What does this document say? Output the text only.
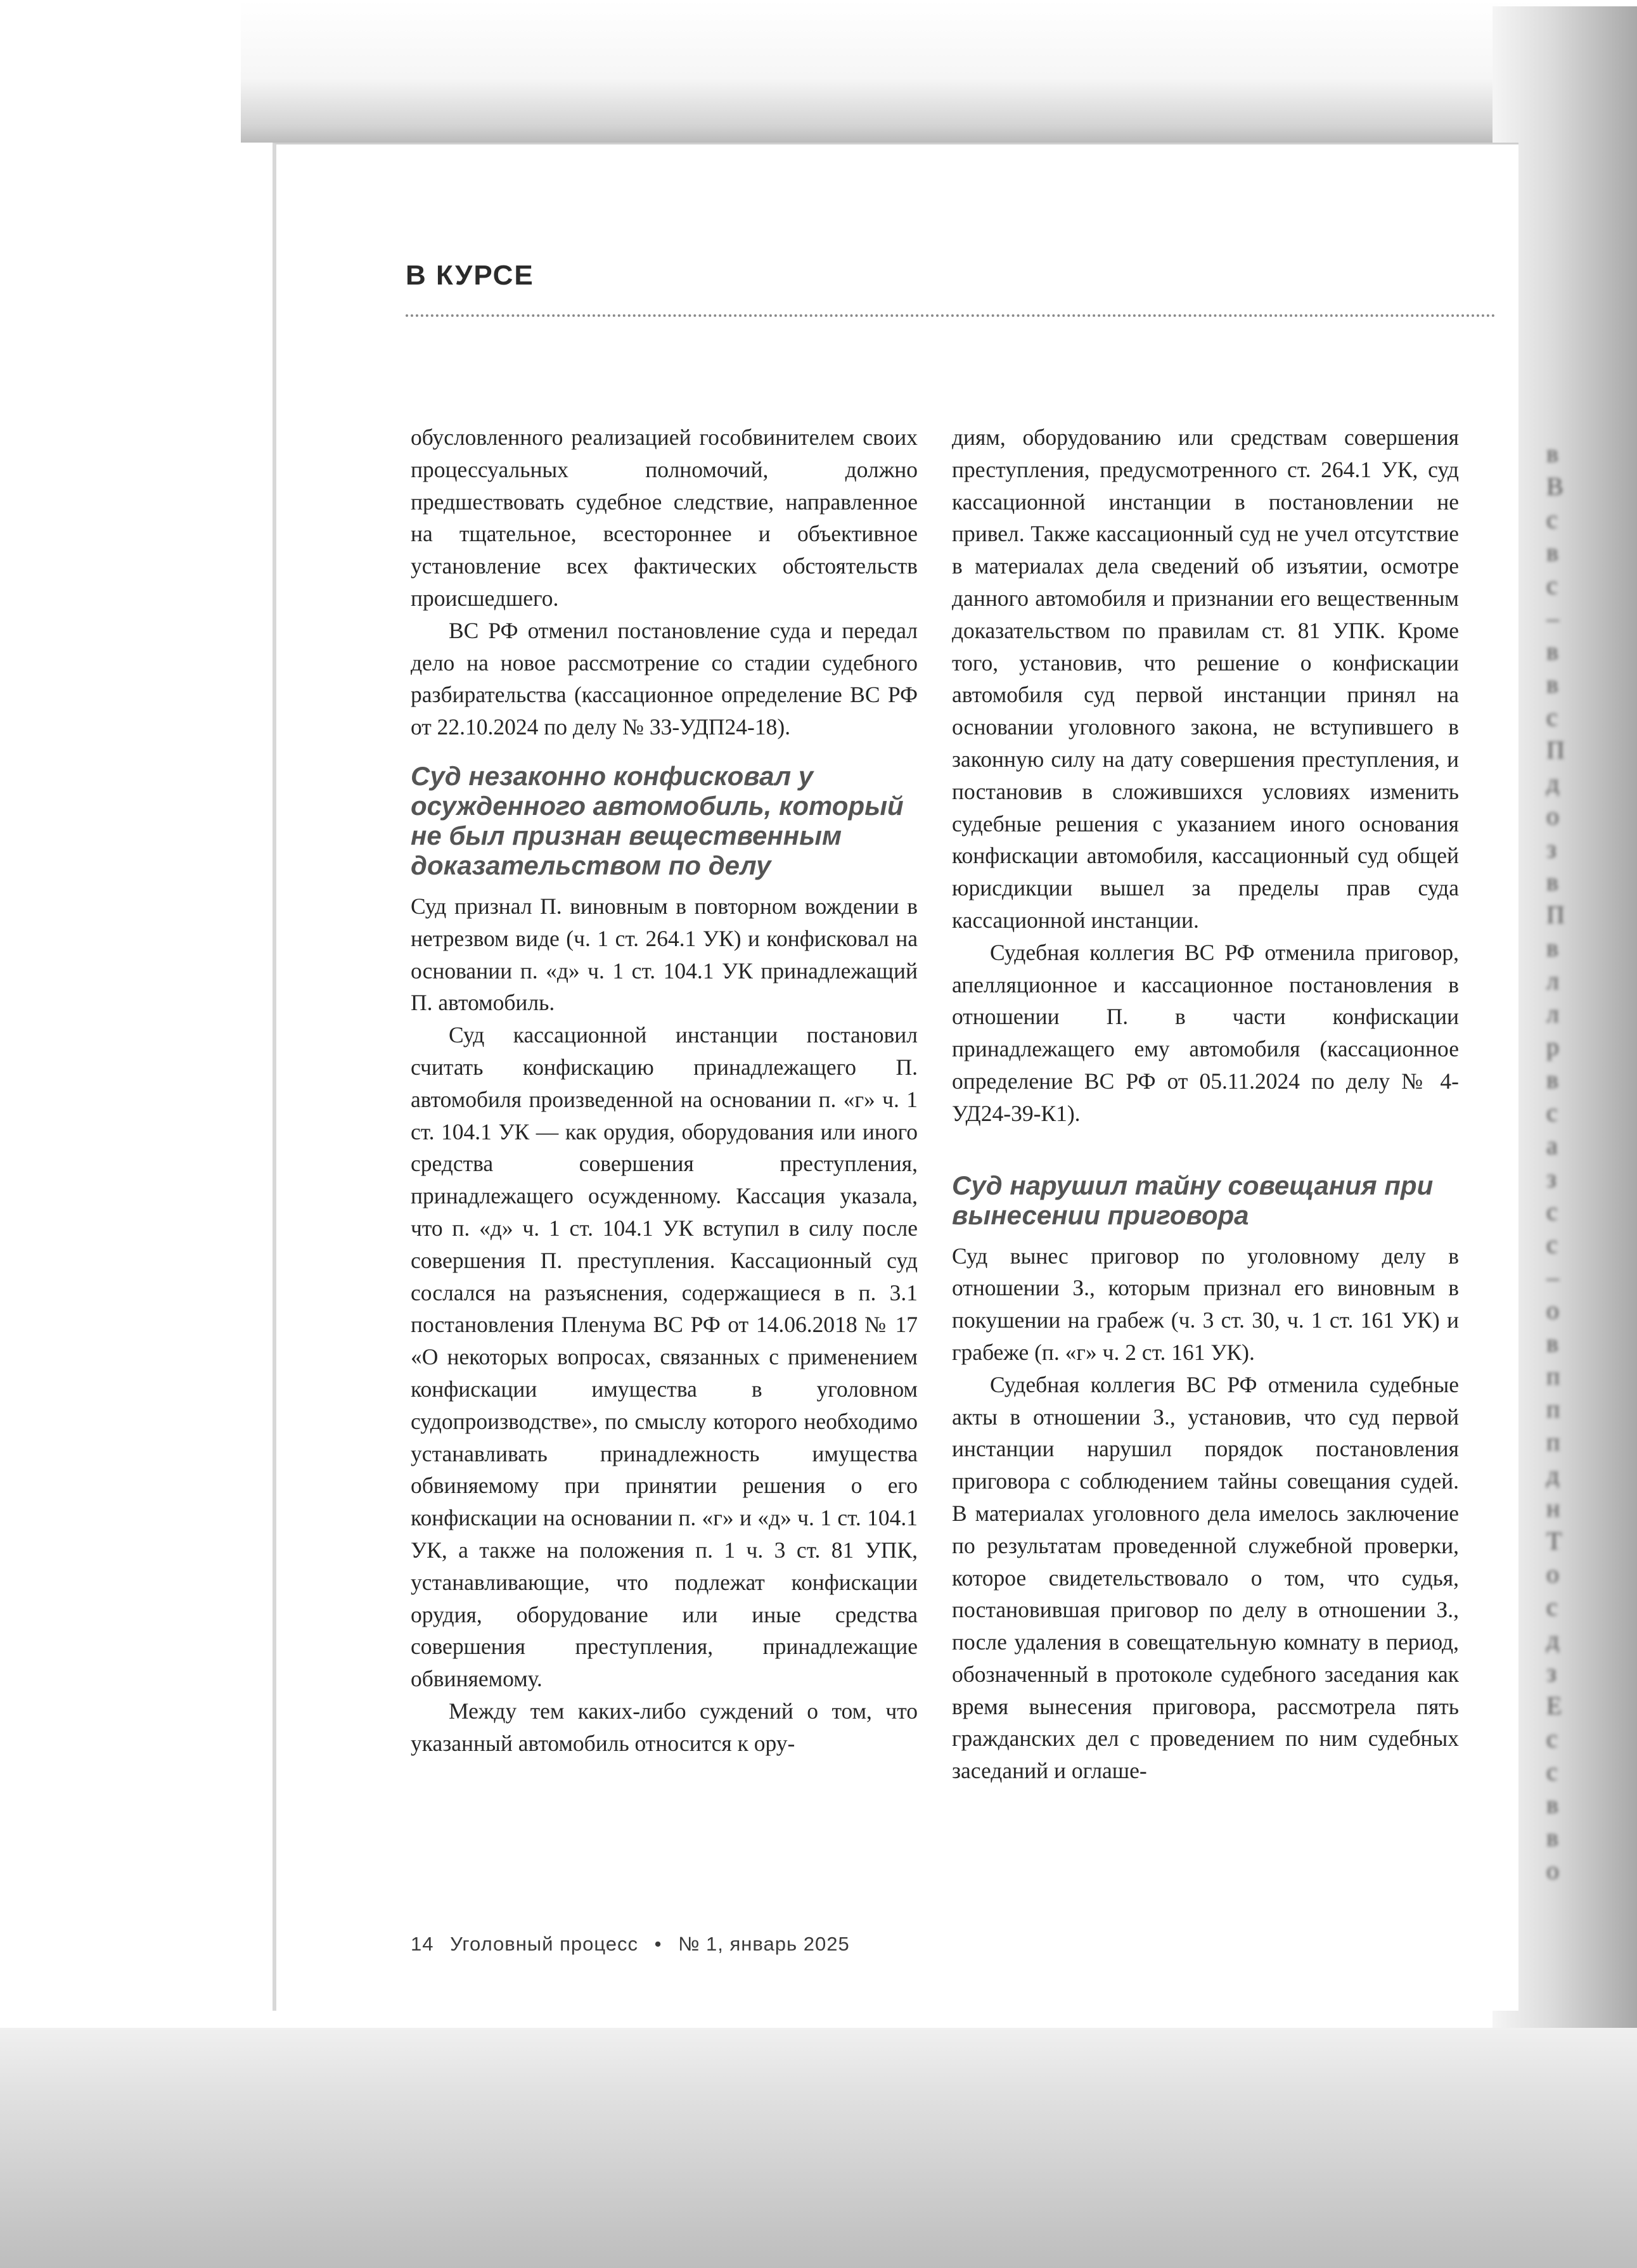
в
В
с
в
с
–
в
в
с
П
д
о
з
в
П
в
л
л
р
в
с
а
з
с
с
–
о
в
п
п
п
д
н
Т
о
с
д
з
Е
с
с
в
в
о
В КУРСЕ

обусловленного реализацией гособвинителем своих процессуальных полномочий, должно предшествовать судебное следствие, направленное на тщательное, всестороннее и объективное установление всех фактических обстоятельств происшедшего.

ВС РФ отменил постановление суда и передал дело на новое рассмотрение со стадии судебного разбирательства (кассационное определение ВС РФ от 22.10.2024 по делу № 33-УДП24-18).

Суд незаконно конфисковал у осужденного автомобиль, который не был признан вещественным доказательством по делу

Суд признал П. виновным в повторном вождении в нетрезвом виде (ч. 1 ст. 264.1 УК) и конфисковал на основании п. «д» ч. 1 ст. 104.1 УК принадлежащий П. автомобиль.

Суд кассационной инстанции постановил считать конфискацию принадлежащего П. автомобиля произведенной на основании п. «г» ч. 1 ст. 104.1 УК — как орудия, оборудования или иного средства совершения преступления, принадлежащего осужденному. Кассация указала, что п. «д» ч. 1 ст. 104.1 УК вступил в силу после совершения П. преступления. Кассационный суд сослался на разъяснения, содержащиеся в п. 3.1 постановления Пленума ВС РФ от 14.06.2018 № 17 «О некоторых вопросах, связанных с применением конфискации имущества в уголовном судопроизводстве», по смыслу которого необходимо устанавливать принадлежность имущества обвиняемому при принятии решения о его конфискации на основании п. «г» и «д» ч. 1 ст. 104.1 УК, а также на положения п. 1 ч. 3 ст. 81 УПК, устанавливающие, что подлежат конфискации орудия, оборудование или иные средства совершения преступления, принадлежащие обвиняемому.

Между тем каких-либо суждений о том, что указанный автомобиль относится к ору-

диям, оборудованию или средствам совершения преступления, предусмотренного ст. 264.1 УК, суд кассационной инстанции в постановлении не привел. Также кассационный суд не учел отсутствие в материалах дела сведений об изъятии, осмотре данного автомобиля и признании его вещественным доказательством по правилам ст. 81 УПК. Кроме того, установив, что решение о конфискации автомобиля суд первой инстанции принял на основании уголовного закона, не вступившего в законную силу на дату совершения преступления, и постановив в сложившихся условиях изменить судебные решения с указанием иного основания конфискации автомобиля, кассационный суд общей юрисдикции вышел за пределы прав суда кассационной инстанции.

Судебная коллегия ВС РФ отменила приговор, апелляционное и кассационное постановления в отношении П. в части конфискации принадлежащего ему автомобиля (кассационное определение ВС РФ от 05.11.2024 по делу № 4-УД24-39-К1).

Суд нарушил тайну совещания при вынесении приговора

Суд вынес приговор по уголовному делу в отношении З., которым признал его виновным в покушении на грабеж (ч. 3 ст. 30, ч. 1 ст. 161 УК) и грабеже (п. «г» ч. 2 ст. 161 УК).

Судебная коллегия ВС РФ отменила судебные акты в отношении З., установив, что суд первой инстанции нарушил порядок постановления приговора с соблюдением тайны совещания судей. В материалах уголовного дела имелось заключение по результатам проведенной служебной проверки, которое свидетельствовало о том, что судья, постановившая приговор по делу в отношении З., после удаления в совещательную комнату в период, обозначенный в протоколе судебного заседания как время вынесения приговора, рассмотрела пять гражданских дел с проведением по ним судебных заседаний и оглаше-

14 Уголовный процесс • № 1, январь 2025
